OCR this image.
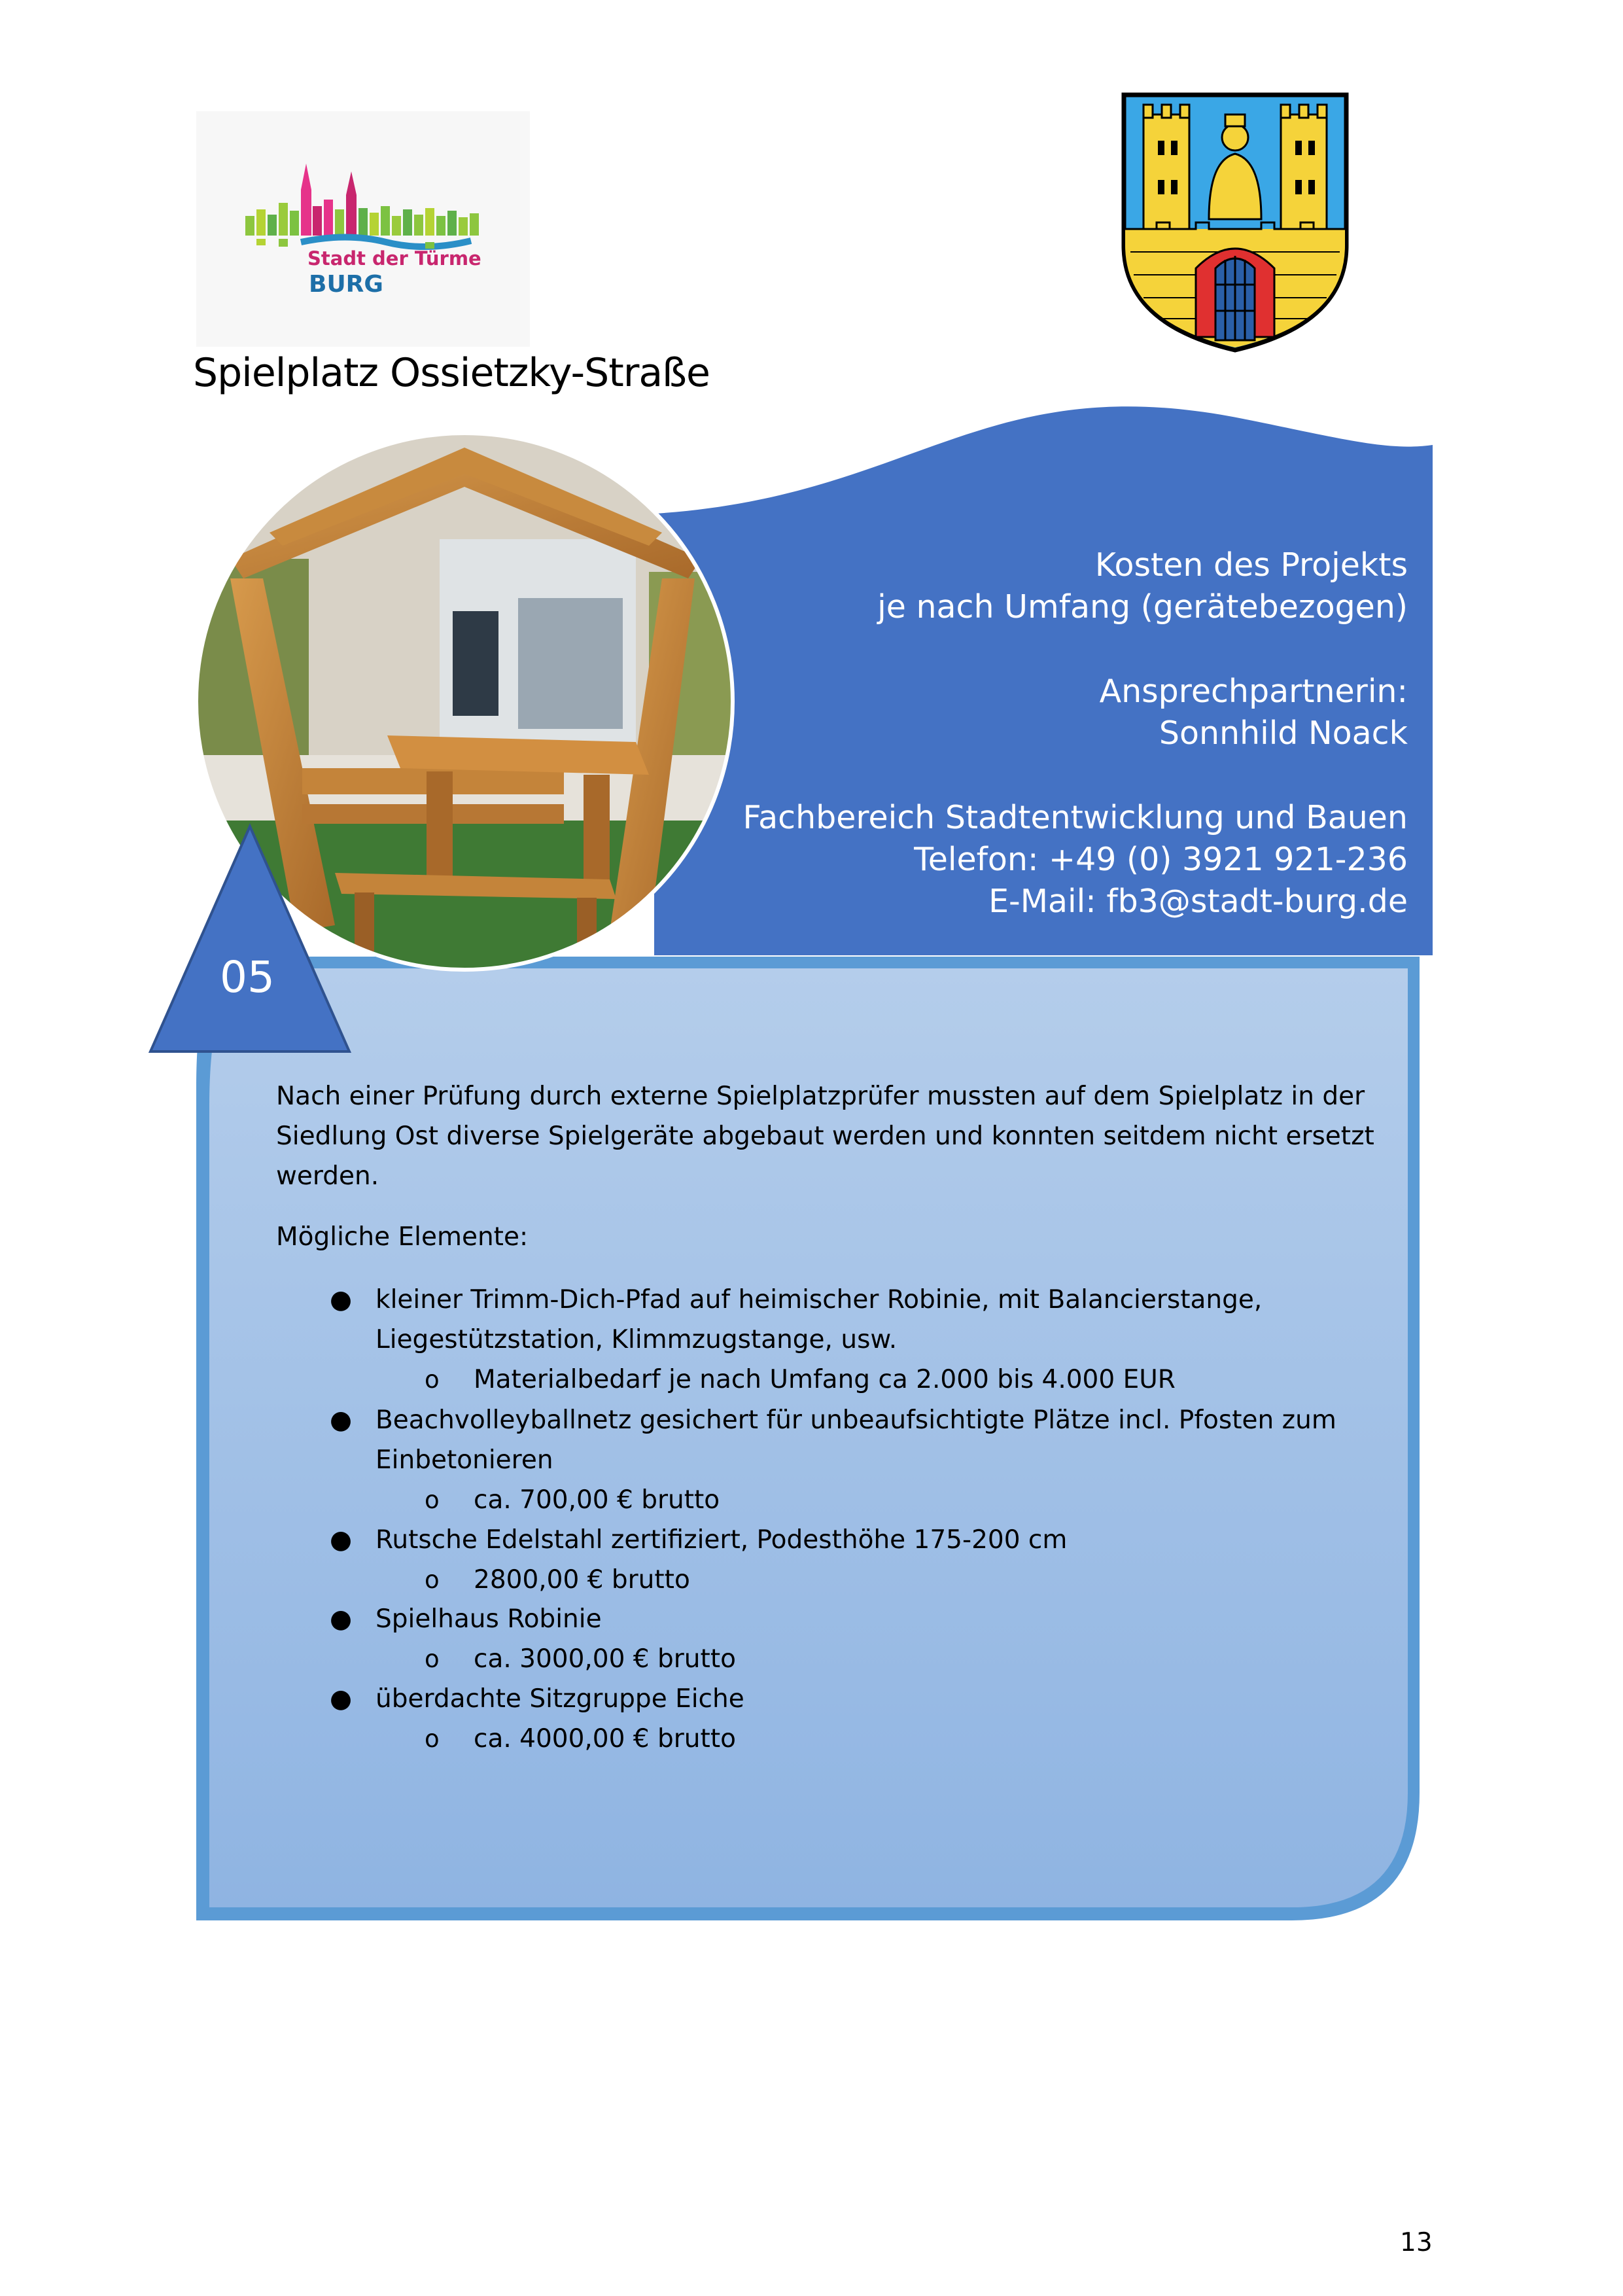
Stadt der Türme
BURG
Spielplatz Ossietzky-Straße
Kosten des Projekts
je nach Umfang (gerätebezogen)
Ansprechpartnerin:
Sonnhild Noack
Fachbereich Stadtentwicklung und Bauen
Telefon: +49 (0) 3921 921-236
E-Mail: fb3@stadt-burg.de
05
Nach einer Prüfung durch externe Spielplatzprüfer mussten auf dem Spielplatz in der
Siedlung Ost diverse Spielgeräte abgebaut werden und konnten seitdem nicht ersetzt
werden.
Mögliche Elemente:
● kleiner Trimm-Dich-Pfad auf heimischer Robinie, mit Balancierstange,
Liegestützstation, Klimmzugstange, usw.
o Materialbedarf je nach Umfang ca 2.000 bis 4.000 EUR
● Beachvolleyballnetz gesichert für unbeaufsichtigte Plätze incl. Pfosten zum
Einbetonieren
o ca. 700,00 € brutto
● Rutsche Edelstahl zertifiziert, Podesthöhe 175-200 cm
o 2800,00 € brutto
● Spielhaus Robinie
o ca. 3000,00 € brutto
● überdachte Sitzgruppe Eiche
o ca. 4000,00 € brutto
13
